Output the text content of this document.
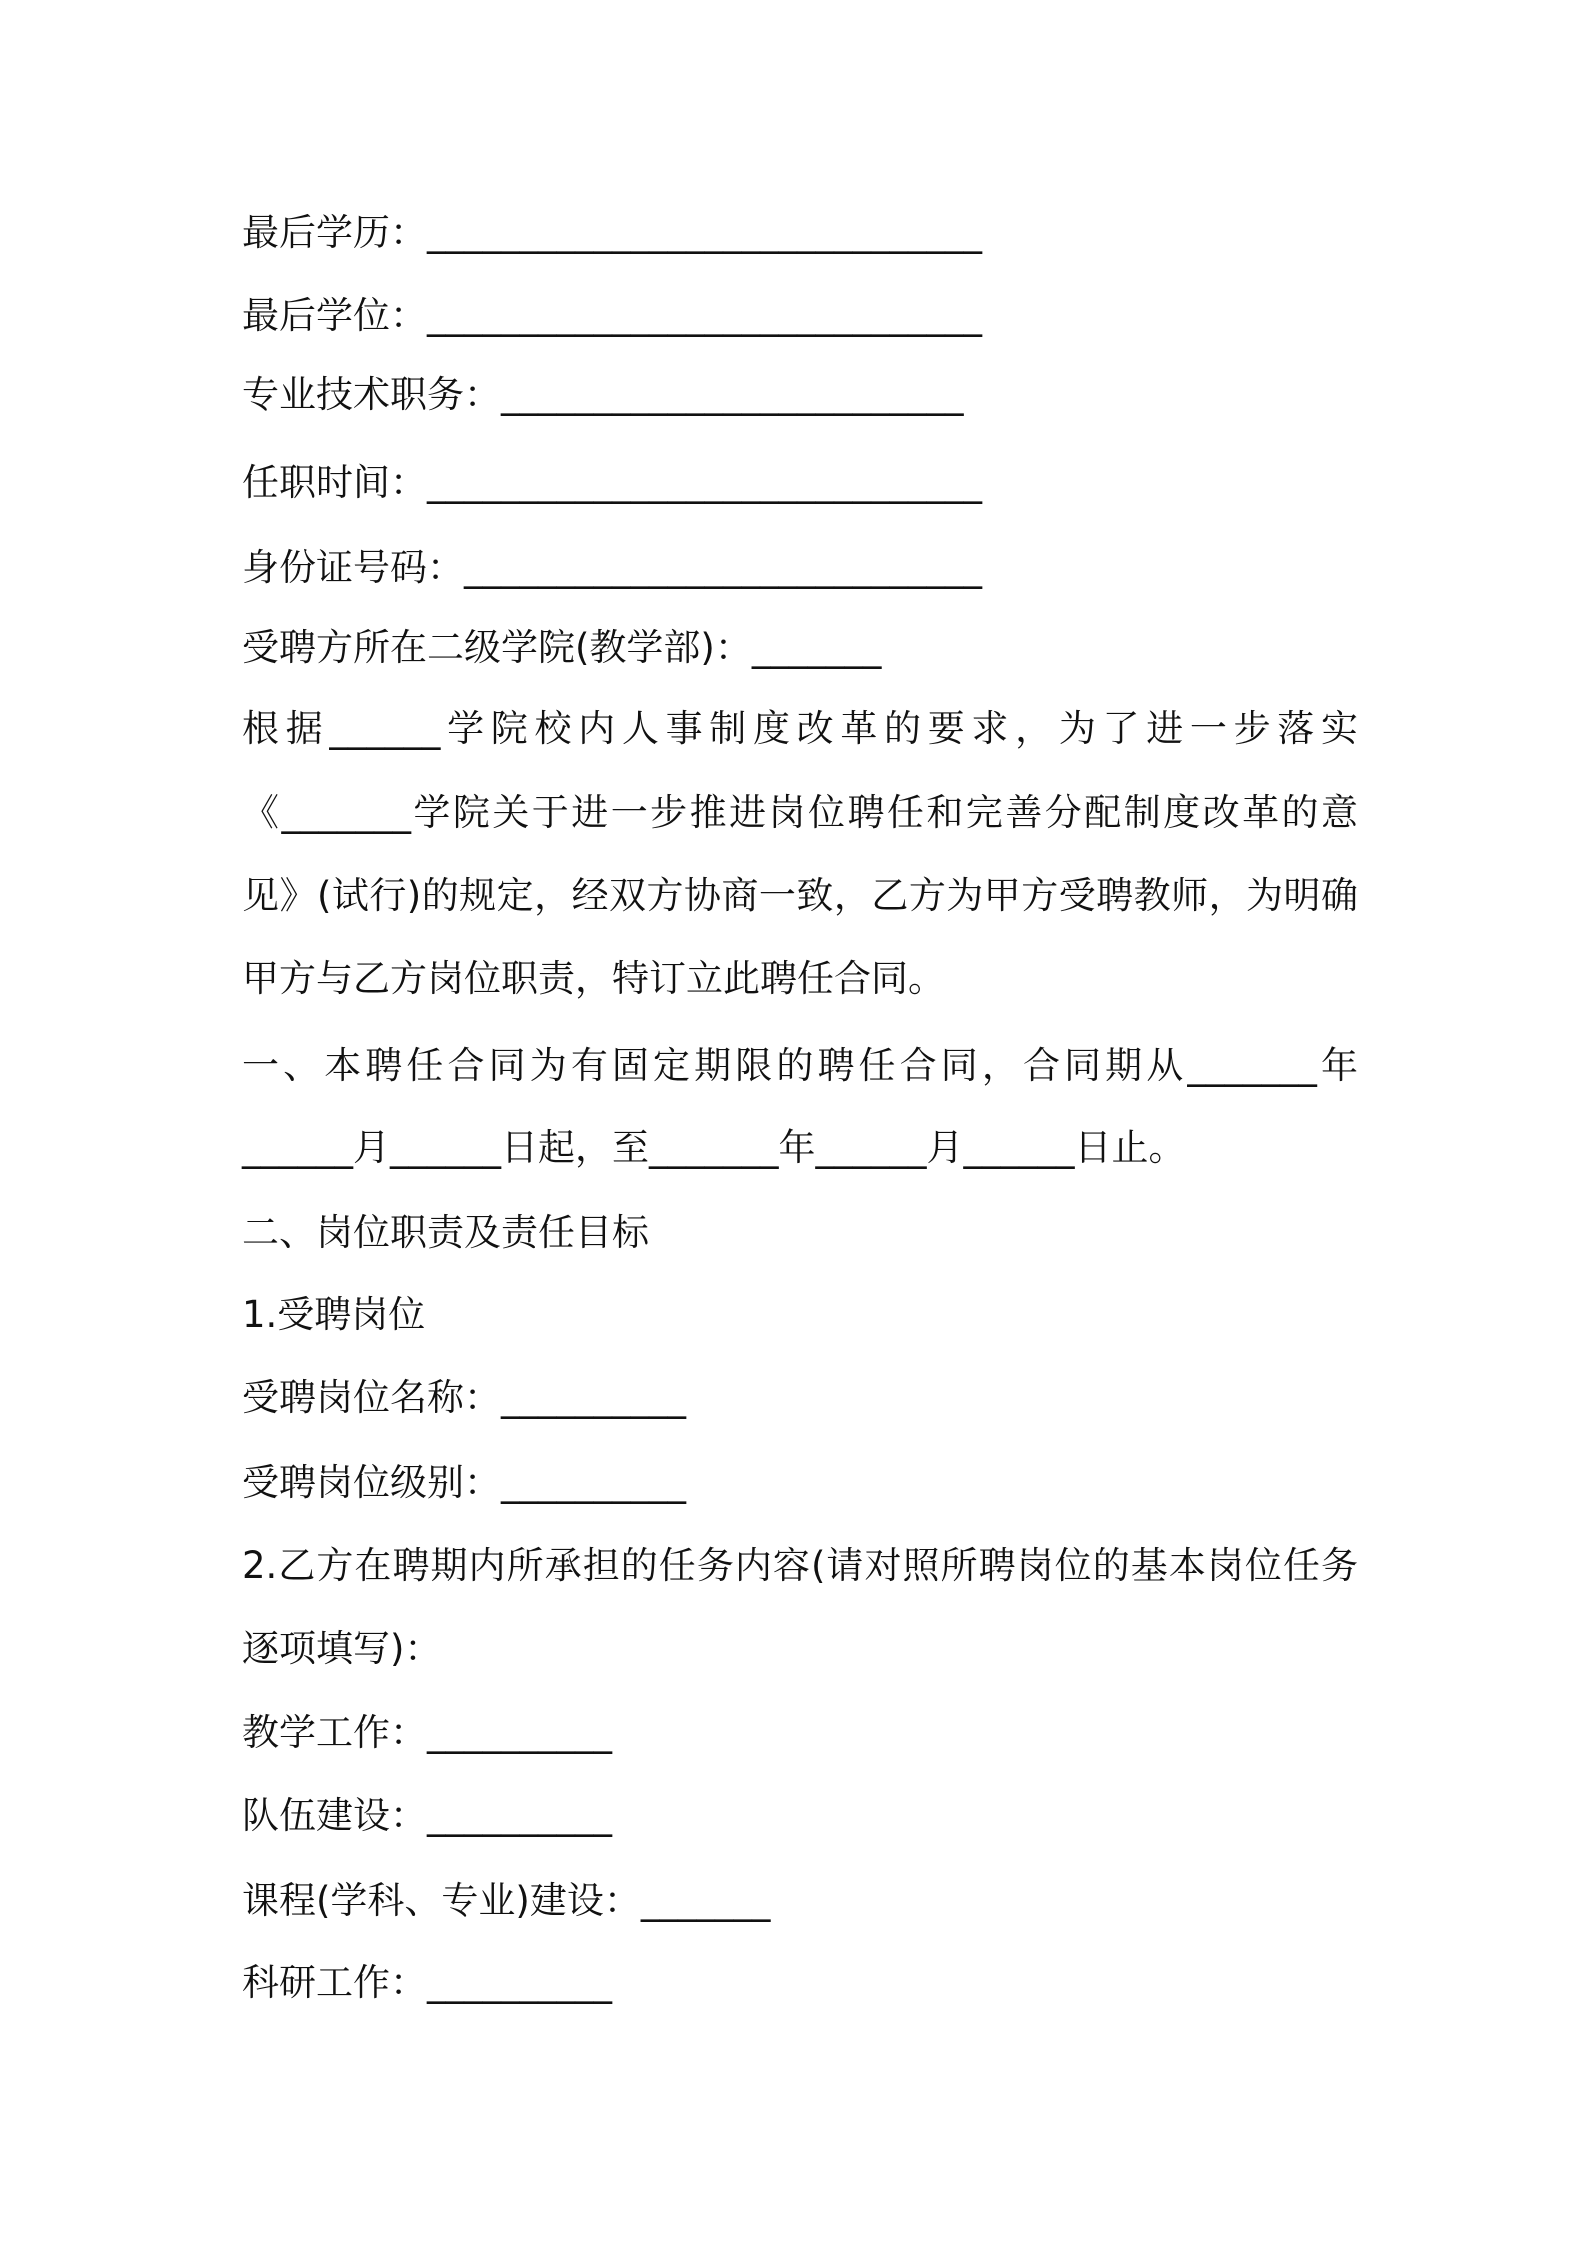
最后学历：______________________________
最后学位：______________________________
专业技术职务：_________________________
任职时间：______________________________
身份证号码：____________________________
受聘方所在二级学院(教学部)：_______
根据______学院校内人事制度改革的要求，为了进一步落实
《_______学院关于进一步推进岗位聘任和完善分配制度改革的意
见》(试行)的规定，经双方协商一致，乙方为甲方受聘教师，为明确
甲方与乙方岗位职责，特订立此聘任合同。
一、本聘任合同为有固定期限的聘任合同，合同期从_______年
______月______日起，至_______年______月______日止。
二、岗位职责及责任目标
1.受聘岗位
受聘岗位名称：__________
受聘岗位级别：__________
2.乙方在聘期内所承担的任务内容(请对照所聘岗位的基本岗位任务
逐项填写)：
教学工作：__________
队伍建设：__________
课程(学科、专业)建设：_______
科研工作：__________
